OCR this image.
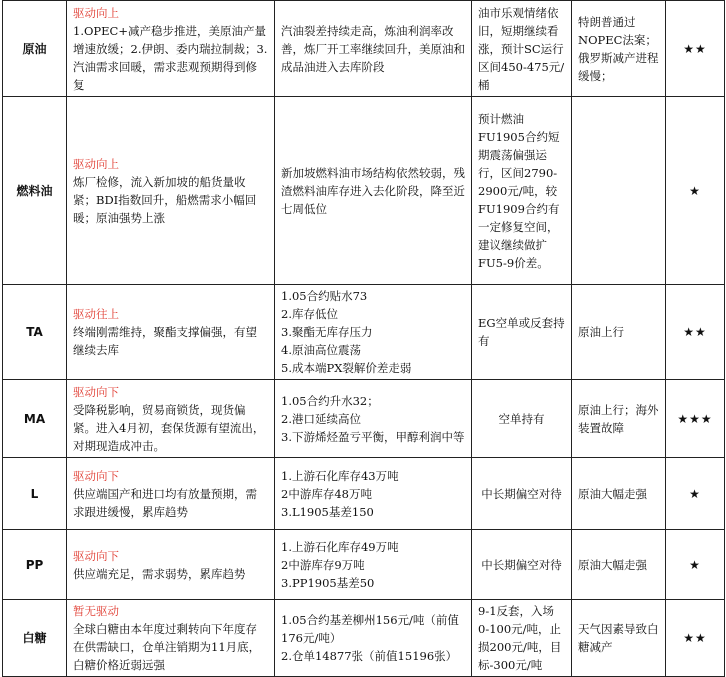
原油	驱动向上
1.OPEC+减产稳步推进，美原油产量增速放缓；2.伊朗、委内瑞拉制裁；3.汽油需求回暖，需求悲观预期得到修复	汽油裂差持续走高，炼油利润率改善，炼厂开工率继续回升，美原油和成品油进入去库阶段	油市乐观情绪依旧，短期继续看涨，预计SC运行区间450-475元/桶	特朗普通过NOPEC法案；俄罗斯减产进程缓慢；	★★
燃料油	驱动向上
炼厂检修，流入新加坡的船货量收紧；BDI指数回升，船燃需求小幅回暖；原油强势上涨	新加坡燃料油市场结构依然较弱，残渣燃料油库存进入去化阶段，降至近七周低位	预计燃油FU1905合约短期震荡偏强运行，区间2790-2900元/吨，较FU1909合约有一定修复空间，建议继续做扩FU5-9价差。		★
TA	驱动往上
终端刚需维持，聚酯支撑偏强，有望继续去库	1.05合约贴水73
2.库存低位
3.聚酯无库存压力
4.原油高位震荡
5.成本端PX裂解价差走弱	EG空单或反套持有	原油上行	★★
MA	驱动向下
受降税影响，贸易商锁货，现货偏紧。进入4月初，套保货源有望流出，对期现造成冲击。	1.05合约升水32；
2.港口延续高位
3.下游烯烃盈亏平衡，甲醇利润中等	空单持有	原油上行；海外装置故障	★★★
L	驱动向下
供应端国产和进口均有放量预期，需求跟进缓慢，累库趋势	1.上游石化库存43万吨
2中游库存48万吨
3.L1905基差150	中长期偏空对待	原油大幅走强	★
PP	驱动向下
供应端充足，需求弱势，累库趋势	1.上游石化库存49万吨
2中游库存9万吨
3.PP1905基差50	中长期偏空对待	原油大幅走强	★
白糖	暂无驱动
全球白糖由本年度过剩转向下年度存在供需缺口，仓单注销期为11月底，白糖价格近弱远强	1.05合约基差柳州156元/吨（前值176元/吨）
2.仓单14877张（前值15196张）	9-1反套，入场0-100元/吨，止损200元/吨，目标-300元/吨	天气因素导致白糖减产	★★
